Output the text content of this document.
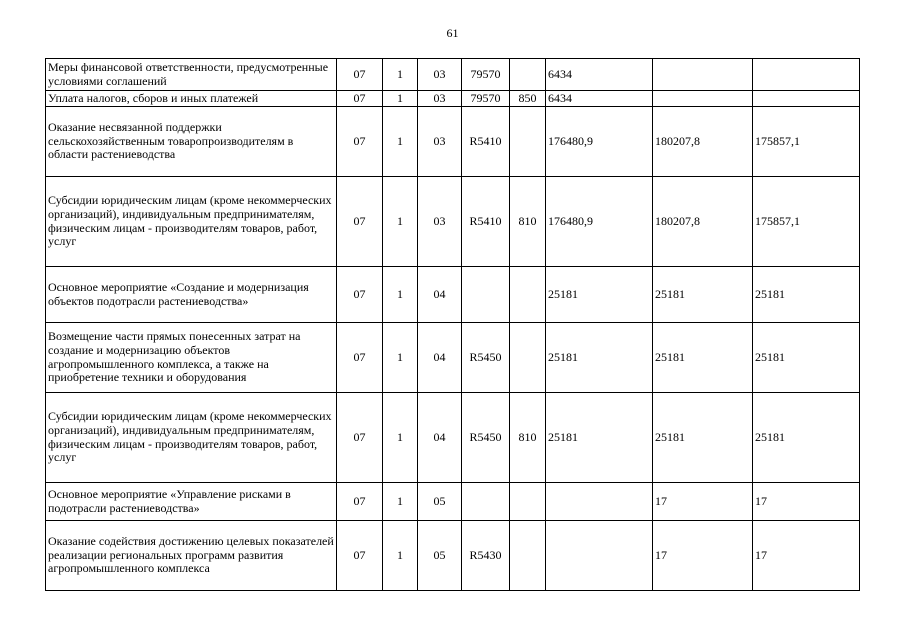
61
Меры финансовой ответственности, предусмотренные условиями соглашений	07	1	03	79570		6434		
Уплата налогов, сборов и иных платежей	07	1	03	79570	850	6434		
Оказание несвязанной поддержки сельскохозяйственным товаропроизводителям в области растениеводства	07	1	03	R5410		176480,9	180207,8	175857,1
Субсидии юридическим лицам (кроме некоммерческих организаций), индивидуальным предпринимателям, физическим лицам - производителям товаров, работ, услуг	07	1	03	R5410	810	176480,9	180207,8	175857,1
Основное мероприятие «Создание и модернизация объектов подотрасли растениеводства»	07	1	04			25181	25181	25181
Возмещение части прямых понесенных затрат на создание и модернизацию объектов агропромышленного комплекса, а также на приобретение техники и оборудования	07	1	04	R5450		25181	25181	25181
Субсидии юридическим лицам (кроме некоммерческих организаций), индивидуальным предпринимателям, физическим лицам - производителям товаров, работ, услуг	07	1	04	R5450	810	25181	25181	25181
Основное мероприятие «Управление рисками в подотрасли растениеводства»	07	1	05				17	17
Оказание содействия достижению целевых показателей реализации региональных программ развития агропромышленного комплекса	07	1	05	R5430			17	17
